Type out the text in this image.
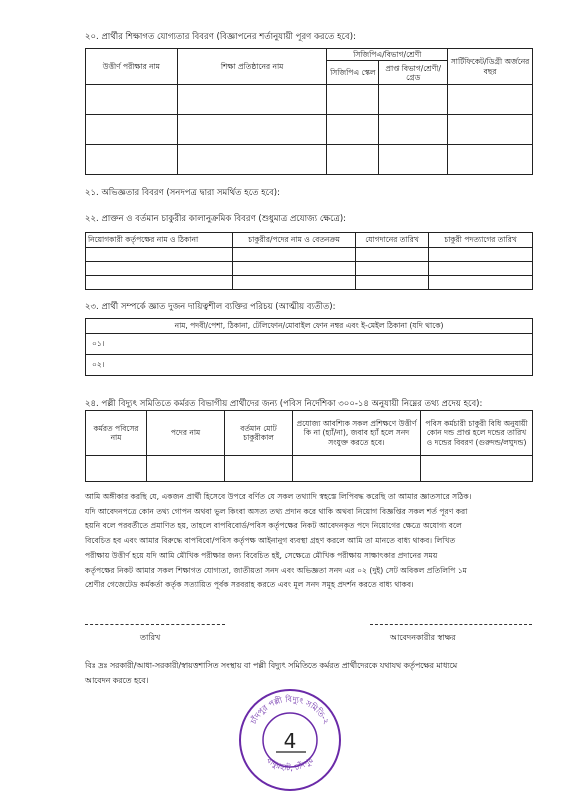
২০. প্রার্থীর শিক্ষাগত যোগ্যতার বিবরণ (বিজ্ঞাপনের শর্তানুযায়ী পূরণ করতে হবে):
উত্তীর্ণ পরীক্ষার নাম	শিক্ষা প্রতিষ্ঠানের নাম	সিজিপিএ/বিভাগ/শ্রেণী		সার্টিফিকেট/ডিগ্রী অর্জনের বছর
		সিজিপিএ স্কেল	প্রাপ্ত বিভাগ/শ্রেণী/গ্রেড	

২১. অভিজ্ঞতার বিবরণ (সনদপত্র দ্বারা সমর্থিত হতে হবে):
২২. প্রাক্তন ও বর্তমান চাকুরীর কালানুক্রমিক বিবরণ (শুধুমাত্র প্রযোজ্য ক্ষেত্রে):
নিয়োগকারী কর্তৃপক্ষের নাম ও ঠিকানা	চাকুরীর/পদের নাম ও বেতনক্রম	যোগদানের তারিখ	চাকুরী পদত্যাগের তারিখ

২৩. প্রার্থী সম্পর্কে জ্ঞাত দুজন দায়িত্বশীল ব্যক্তির পরিচয় (আত্মীয় ব্যতীত):
নাম, পদবী/পেশা, ঠিকানা, টেলিফোন/মোবাইল ফোন নম্বর এবং ই-মেইল ঠিকানা (যদি থাকে)
০১।
০২।
২৪. পল্লী বিদ্যুৎ সমিতিতে কর্মরত বিভাগীয় প্রার্থীদের জন্য (পবিস নির্দেশিকা ৩০০-১৪ অনুযায়ী নিম্নের তথ্য প্রদেয় হবে):
কর্মরত পবিসের নাম	পদের নাম	বর্তমান মোট চাকুরীকাল	প্রযোজ্য আবশ্যিক সকল প্রশিক্ষণে উত্তীর্ণ কি না (হ্যাঁ/না), জবাব হ্যাঁ হলে সনদ সংযুক্ত করতে হবে।	পবিস কর্মচারী চাকুরী বিধি অনুযায়ী কোন দন্ড প্রাপ্ত হলে দন্ডের তারিখ ও দন্ডের বিবরণ (গুরুদন্ড/লঘুদন্ড)

আমি অঙ্গীকার করছি যে, একজন প্রার্থী হিসেবে উপরে বর্ণিত যে সকল তথ্যাদি স্বহস্তে লিপিবদ্ধ করেছি তা আমার জ্ঞাতসারে সঠিক।
যদি আবেদনপত্রে কোন তথ্য গোপন অথবা ভুল কিংবা অসত্য তথ্য প্রদান করে থাকি অথবা নিয়োগ বিজ্ঞপ্তির সকল শর্ত পূরণ করা
হয়নি বলে পরবর্তীতে প্রমাণিত হয়, তাহলে বাপবিবোর্ড/পবিস কর্তৃপক্ষের নিকট আবেদনকৃত পদে নিয়োগের ক্ষেত্রে অযোগ্য বলে
বিবেচিত হব এবং আমার বিরুদ্ধে বাপবিবো/পবিস কর্তৃপক্ষ আইনানুগ ব্যবস্থা গ্রহণ করলে আমি তা মানতে বাধ্য থাকব। লিখিত
পরীক্ষায় উত্তীর্ণ হয়ে যদি আমি মৌখিক পরীক্ষার জন্য বিবেচিত হই, সেক্ষেত্রে মৌখিক পরীক্ষায় সাক্ষাৎকার প্রদানের সময়
কর্তৃপক্ষের নিকট আমার সকল শিক্ষাগত যোগ্যতা, জাতীয়তা সনদ এবং অভিজ্ঞতা সনদ এর ০২ (দুই) সেট অবিকল প্রতিলিপি ১ম
শ্রেণীর গেজেটেড কর্মকর্তা কর্তৃক সত্যায়িত পূর্বক সরবরাহ করতে এবং মূল সনদ সমূহ প্রদর্শন করতে বাধ্য থাকব।
তারিখ	আবেদনকারীর স্বাক্ষর
বিঃ দ্রঃ সরকারী/আধা-সরকারী/স্বায়ত্তশাসিত সংস্থায় বা পল্লী বিদ্যুৎ সমিতিতে কর্মরত প্রার্থীদেরকে যথাযথ কর্তৃপক্ষের মাধ্যমে
আবেদন করতে হবে।
চাঁদপুর পল্লী বিদ্যুৎ সমিতি-২
বাবুরহাট, চাঁদপুর
4
